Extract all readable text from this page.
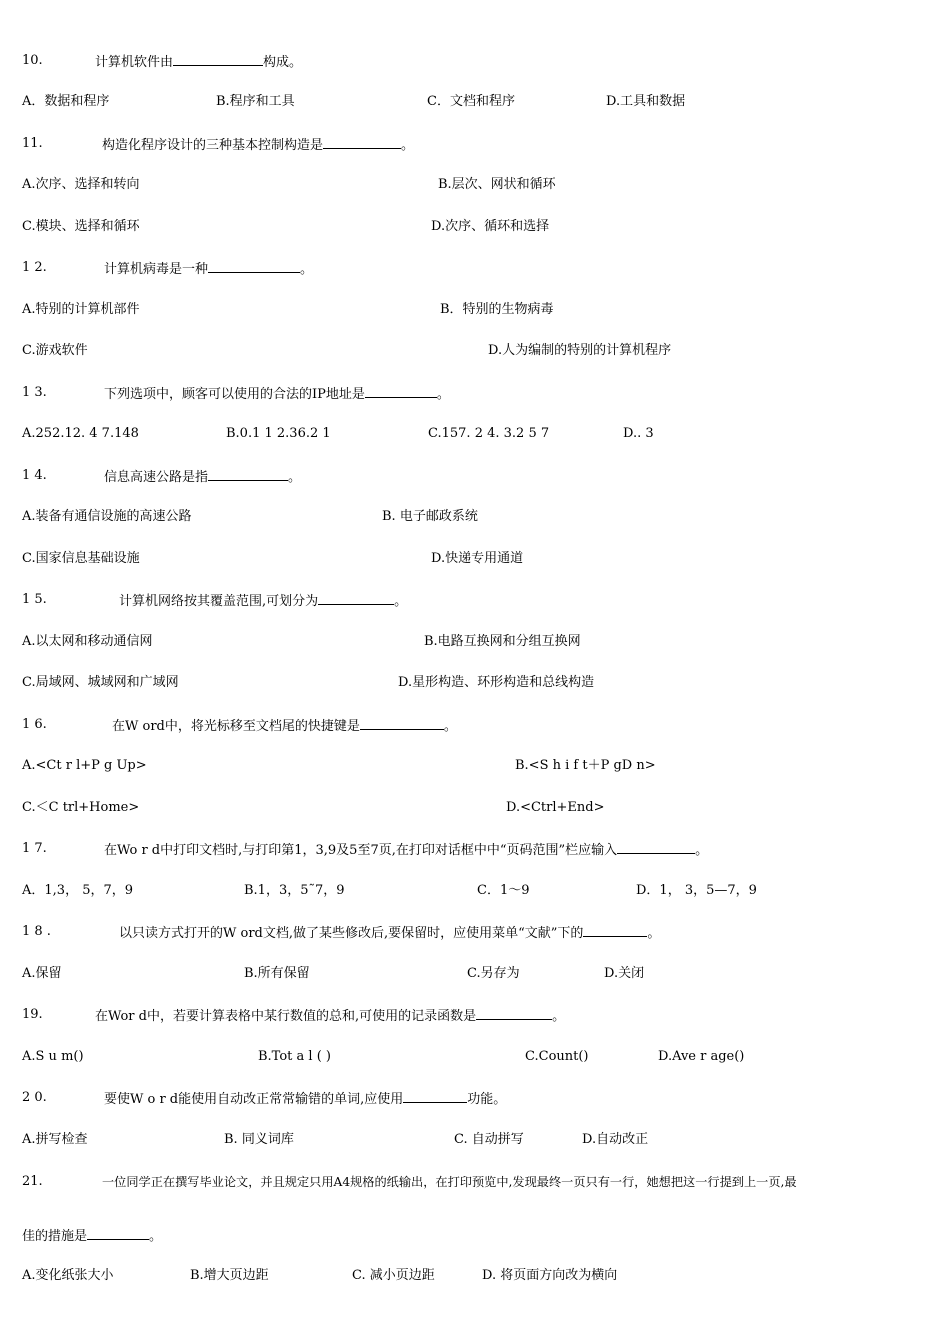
10.	计算机软件由	构成。
A．数据和程序	B.程序和工具	C．文档和程序	D.工具和数据
11.	构造化程序设计的三种基本控制构造是	。
A.次序、选择和转向	B.层次、网状和循环
C.模块、选择和循环	D.次序、循环和选择
1 2.	计算机病毒是一种	。
A.特别的计算机部件	B．特别的生物病毒
C.游戏软件	D.人为编制的特别的计算机程序
1 3.	下列选项中，顾客可以使用的合法的IP地址是	。
A.252.12. 4 7.148	B.0.1 1 2.36.2 1	C.157. 2 4. 3.2 5 7	D.. 3
1 4.	信息高速公路是指	。
A.装备有通信设施的高速公路	B. 电子邮政系统
C.国家信息基础设施	D.快递专用通道
1 5.	计算机网络按其覆盖范围,可划分为	。
A.以太网和移动通信网	B.电路互换网和分组互换网
C.局域网、城域网和广域网	D.星形构造、环形构造和总线构造
1 6.	在W ord中，将光标移至文档尾的快捷键是	。
A.<Ct r l+P g Up>	B.<S h i f t＋P gD n>
C.＜C trl+Home>	D.<Ctrl+End>
1 7.	在Wo r d中打印文档时,与打印第1，3,9及5至7页,在打印对话框中中“页码范围”栏应输入	。
A．1,3， 5，7，9	B.1，3，5˜7，9	C．1～9	D．1， 3，5—7，9
1 8 .	以只读方式打开的W ord文档,做了某些修改后,要保留时，应使用菜单“文献”下的	。
A.保留	B.所有保留	C.另存为	D.关闭
19.	在Wor d中，若要计算表格中某行数值的总和,可使用的记录函数是	。
A.S u m()	B.Tot a l ( )	C.Count()	D.Ave r age()
2 0.	要使W o r d能使用自动改正常常输错的单词,应使用	功能。
A.拼写检查	B. 同义词库	C. 自动拼写	D.自动改正
21.	一位同学正在撰写毕业论文，并且规定只用A4规格的纸输出，在打印预览中,发现最终一页只有一行，她想把这一行提到上一页,最
佳的措施是	。
A.变化纸张大小	B.增大页边距	C. 减小页边距	D. 将页面方向改为横向
